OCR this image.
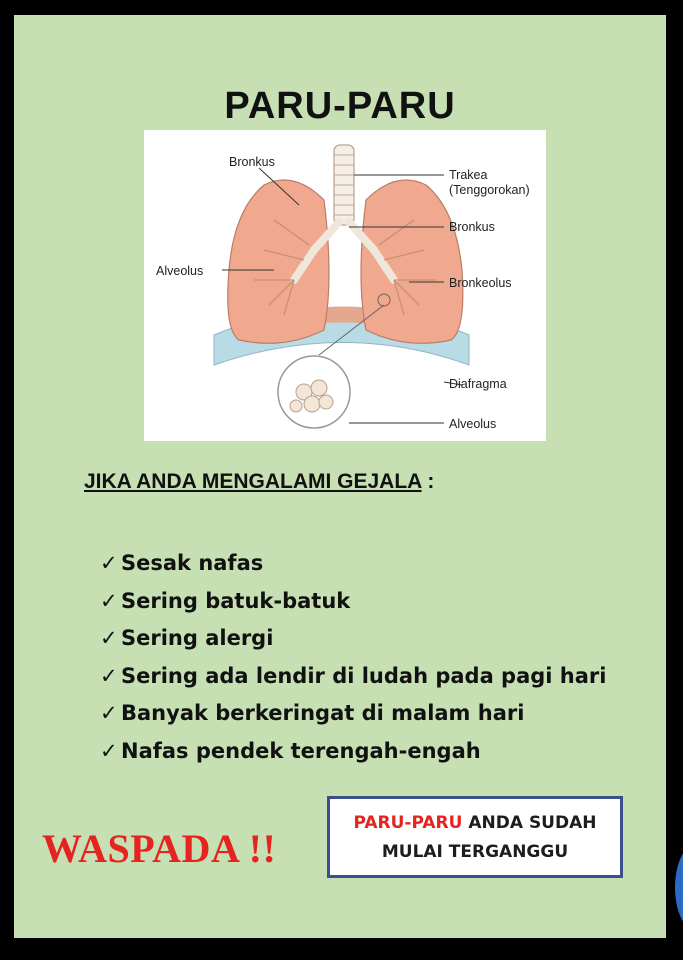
PARU-PARU
Bronkus
Trakea
(Tenggorokan)
Bronkus
Alveolus
Bronkeolus
Diafragma
Alveolus
JIKA ANDA MENGALAMI GEJALA :
✓ Sesak nafas
✓ Sering batuk-batuk
✓ Sering alergi
✓ Sering ada lendir di ludah pada pagi hari
✓ Banyak berkeringat di malam hari
✓ Nafas pendek terengah-engah
WASPADA !!
PARU-PARU ANDA SUDAH
MULAI TERGANGGU
